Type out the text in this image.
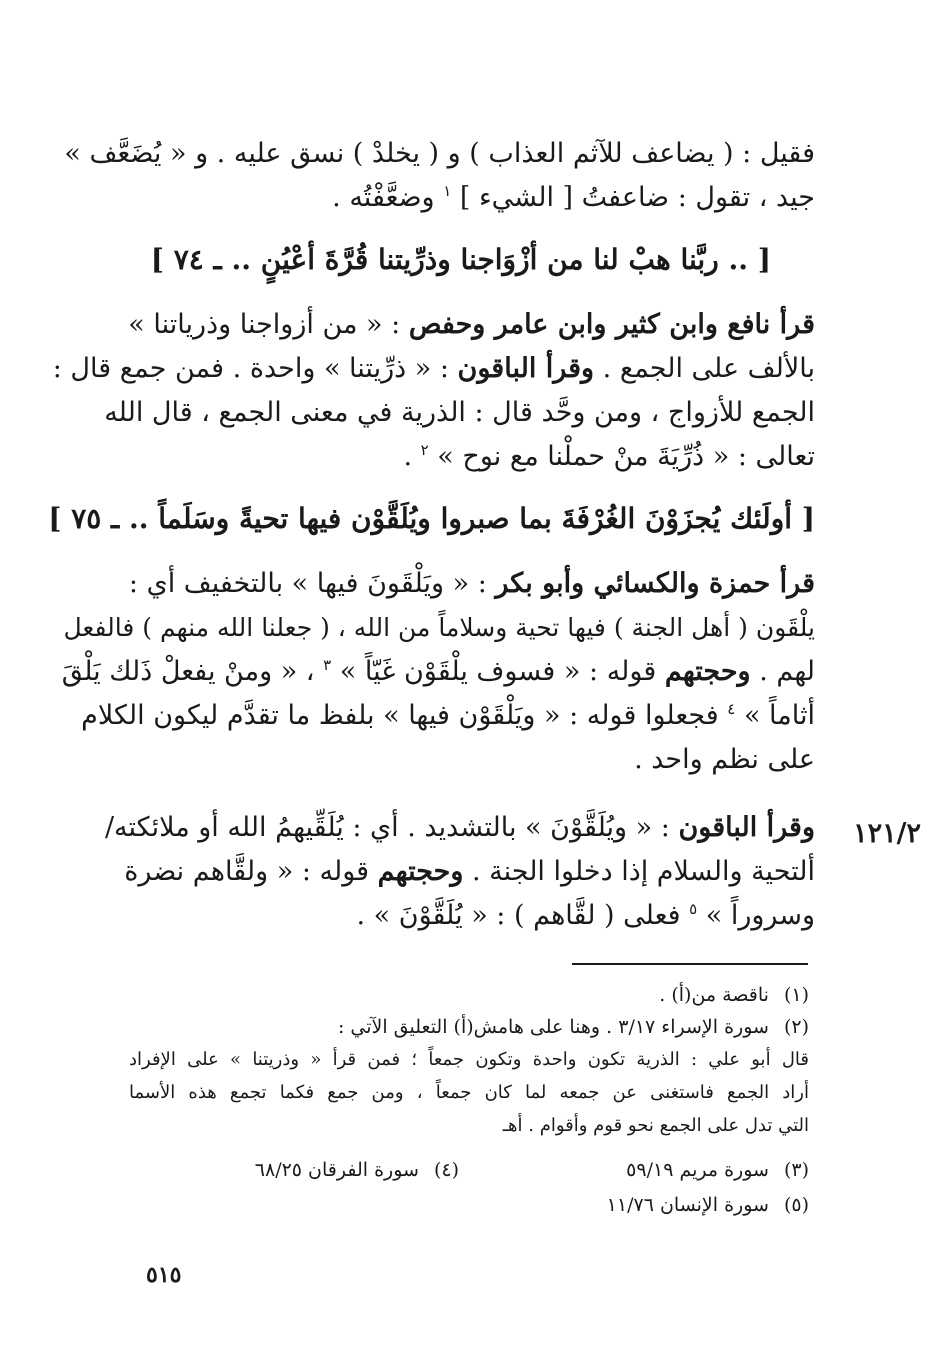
فقيل : ( يضاعف للآثم العذاب ) و ( يخلدْ ) نسق عليه . و « يُضَعَّف »
جيد ، تقول : ضاعفتُ [ الشيء ] $^١$ وضعَّفْتُه .
[ .. ربَّنا هبْ لنا من أزْوَاجنا وذرِّيتنا قُرَّةَ أعْيُنٍ .. ـ ٧٤ ]
قرأ نافع وابن كثير وابن عامر وحفص : « من أزواجنا وذرياتنا »
بالألف على الجمع . وقرأ الباقون : « ذرِّيتنا » واحدة . فمن جمع قال :
الجمع للأزواج ، ومن وحَّد قال : الذرية في معنى الجمع ، قال الله
تعالى : « ذُرِّيَةَ منْ حملْنا مع نوح » $^٢$ .
[ أولَئك يُجزَوْنَ الغُرْفَةَ بما صبروا ويُلَقَّوْن فيها تحيةً وسَلَماً .. ـ ٧٥ ]
قرأ حمزة والكسائي وأبو بكر : « ويَلْقَونَ فيها » بالتخفيف أي :
يلْقَون ( أهل الجنة ) فيها تحية وسلاماً من الله ، ( جعلنا الله منهم ) فالفعل
لهم . وحجتهم قوله : « فسوف يلْقَوْن غَيّاً » $^٣$ ، « ومنْ يفعلْ ذَلك يَلْقَ
أثاماً » $^٤$ فجعلوا قوله : « ويَلْقَوْن فيها » بلفظ ما تقدَّم ليكون الكلام
على نظم واحد .
١٢١/٢
وقرأ الباقون : « ويُلَقَّوْنَ » بالتشديد . أي : يُلَقِّيهمُ الله أو ملائكته/
ألتحية والسلام إذا دخلوا الجنة . وحجتهم قوله : « ولقَّاهم نضرة
وسروراً » $^٥$ فعلى ( لقَّاهم ) : « يُلَقَّوْنَ » .
(١) ناقصة من(أ) .
(٢) سورة الإسراء ٣/١٧ . وهنا على هامش(أ) التعليق الآتي :
قال أبو علي : الذرية تكون واحدة وتكون جمعاً ؛ فمن قرأ « وذريتنا » على الإفراد
أراد الجمع فاستغنى عن جمعه لما كان جمعاً ، ومن جمع فكما تجمع هذه الأسما
التي تدل على الجمع نحو قوم وأقوام . أهـ
(٣) سورة مريم ٥٩/١٩
(٤) سورة الفرقان ٦٨/٢٥
(٥) سورة الإنسان ١١/٧٦
٥١٥
